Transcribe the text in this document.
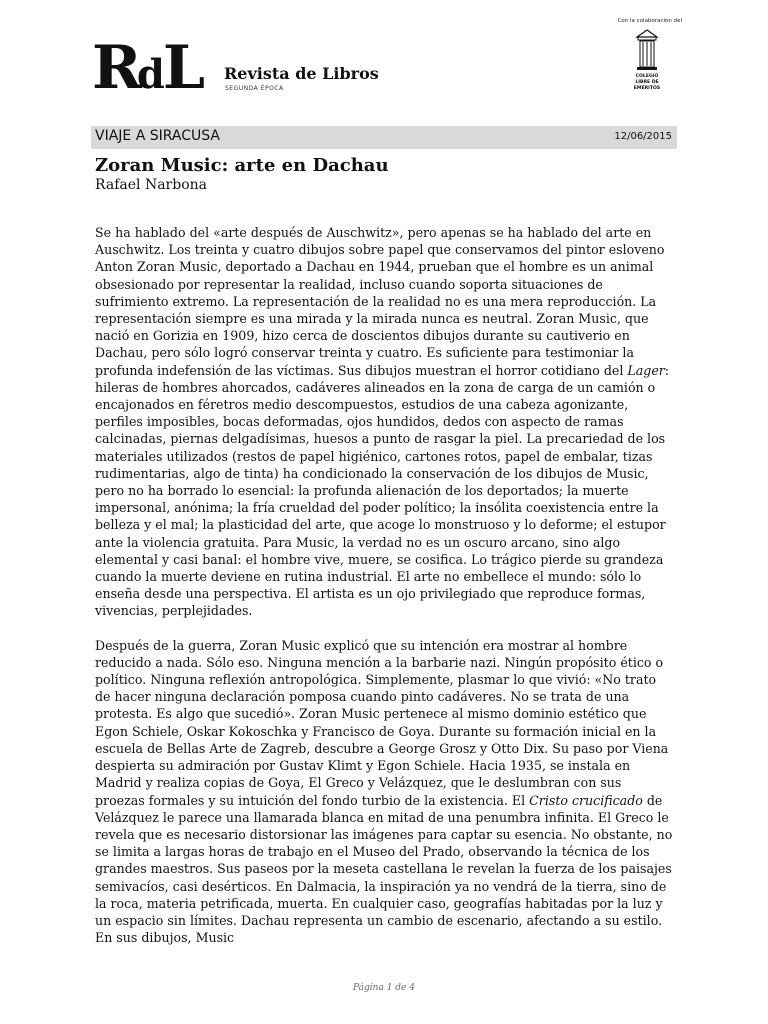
RdL Revista de Libros
SEGUNDA ÉPOCA
Con la colaboración del
COLEGIO
LIBRE DE
EMÉRITOS
VIAJE A SIRACUSA	12/06/2015
Zoran Music: arte en Dachau
Rafael Narbona

Se ha hablado del «arte después de Auschwitz», pero apenas se ha hablado del arte en Auschwitz. Los treinta y cuatro dibujos sobre papel que conservamos del pintor esloveno Anton Zoran Music, deportado a Dachau en 1944, prueban que el hombre es un animal obsesionado por representar la realidad, incluso cuando soporta situaciones de sufrimiento extremo. La representación de la realidad no es una mera reproducción. La representación siempre es una mirada y la mirada nunca es neutral. Zoran Music, que nació en Gorizia en 1909, hizo cerca de doscientos dibujos durante su cautiverio en Dachau, pero sólo logró conservar treinta y cuatro. Es suficiente para testimoniar la profunda indefensión de las víctimas. Sus dibujos muestran el horror cotidiano del Lager: hileras de hombres ahorcados, cadáveres alineados en la zona de carga de un camión o encajonados en féretros medio descompuestos, estudios de una cabeza agonizante, perfiles imposibles, bocas deformadas, ojos hundidos, dedos con aspecto de ramas calcinadas, piernas delgadísimas, huesos a punto de rasgar la piel. La precariedad de los materiales utilizados (restos de papel higiénico, cartones rotos, papel de embalar, tizas rudimentarias, algo de tinta) ha condicionado la conservación de los dibujos de Music, pero no ha borrado lo esencial: la profunda alienación de los deportados; la muerte impersonal, anónima; la fría crueldad del poder político; la insólita coexistencia entre la belleza y el mal; la plasticidad del arte, que acoge lo monstruoso y lo deforme; el estupor ante la violencia gratuita. Para Music, la verdad no es un oscuro arcano, sino algo elemental y casi banal: el hombre vive, muere, se cosifica. Lo trágico pierde su grandeza cuando la muerte deviene en rutina industrial. El arte no embellece el mundo: sólo lo enseña desde una perspectiva. El artista es un ojo privilegiado que reproduce formas, vivencias, perplejidades.

Después de la guerra, Zoran Music explicó que su intención era mostrar al hombre reducido a nada. Sólo eso. Ninguna mención a la barbarie nazi. Ningún propósito ético o político. Ninguna reflexión antropológica. Simplemente, plasmar lo que vivió: «No trato de hacer ninguna declaración pomposa cuando pinto cadáveres. No se trata de una protesta. Es algo que sucedió». Zoran Music pertenece al mismo dominio estético que Egon Schiele, Oskar Kokoschka y Francisco de Goya. Durante su formación inicial en la escuela de Bellas Arte de Zagreb, descubre a George Grosz y Otto Dix. Su paso por Viena despierta su admiración por Gustav Klimt y Egon Schiele. Hacia 1935, se instala en Madrid y realiza copias de Goya, El Greco y Velázquez, que le deslumbran con sus proezas formales y su intuición del fondo turbio de la existencia. El Cristo crucificado de Velázquez le parece una llamarada blanca en mitad de una penumbra infinita. El Greco le revela que es necesario distorsionar las imágenes para captar su esencia. No obstante, no se limita a largas horas de trabajo en el Museo del Prado, observando la técnica de los grandes maestros. Sus paseos por la meseta castellana le revelan la fuerza de los paisajes semivacíos, casi desérticos. En Dalmacia, la inspiración ya no vendrá de la tierra, sino de la roca, materia petrificada, muerta. En cualquier caso, geografías habitadas por la luz y un espacio sin límites. Dachau representa un cambio de escenario, afectando a su estilo. En sus dibujos, Music

Página 1 de 4
